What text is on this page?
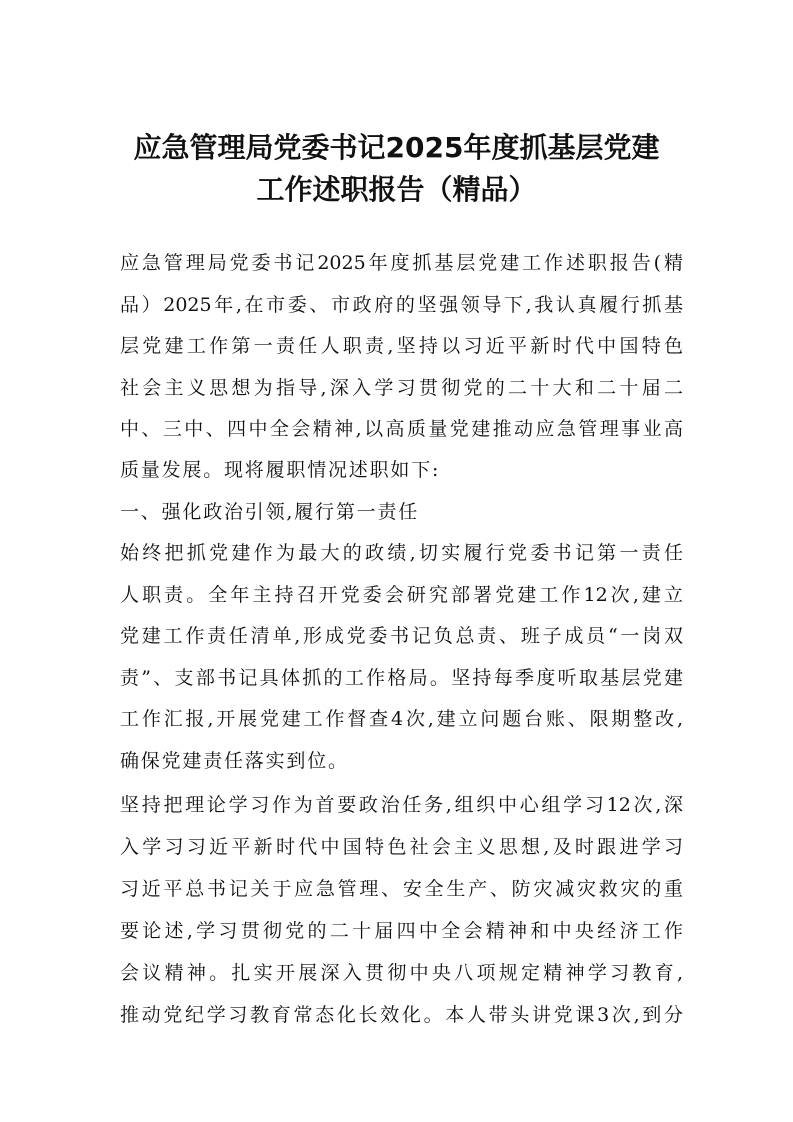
应急管理局党委书记2025年度抓基层党建
工作述职报告（精品）
应急管理局党委书记2025年度抓基层党建工作述职报告(精
品）2025年,在市委、市政府的坚强领导下,我认真履行抓基
层党建工作第一责任人职责,坚持以习近平新时代中国特色
社会主义思想为指导,深入学习贯彻党的二十大和二十届二
中、三中、四中全会精神,以高质量党建推动应急管理事业高
质量发展。现将履职情况述职如下:
一、强化政治引领,履行第一责任
始终把抓党建作为最大的政绩,切实履行党委书记第一责任
人职责。全年主持召开党委会研究部署党建工作12次,建立
党建工作责任清单,形成党委书记负总责、班子成员“一岗双
责”、支部书记具体抓的工作格局。坚持每季度听取基层党建
工作汇报,开展党建工作督查4次,建立问题台账、限期整改,
确保党建责任落实到位。
坚持把理论学习作为首要政治任务,组织中心组学习12次,深
入学习习近平新时代中国特色社会主义思想,及时跟进学习
习近平总书记关于应急管理、安全生产、防灾减灾救灾的重
要论述,学习贯彻党的二十届四中全会精神和中央经济工作
会议精神。扎实开展深入贯彻中央八项规定精神学习教育,
推动党纪学习教育常态化长效化。本人带头讲党课3次,到分
